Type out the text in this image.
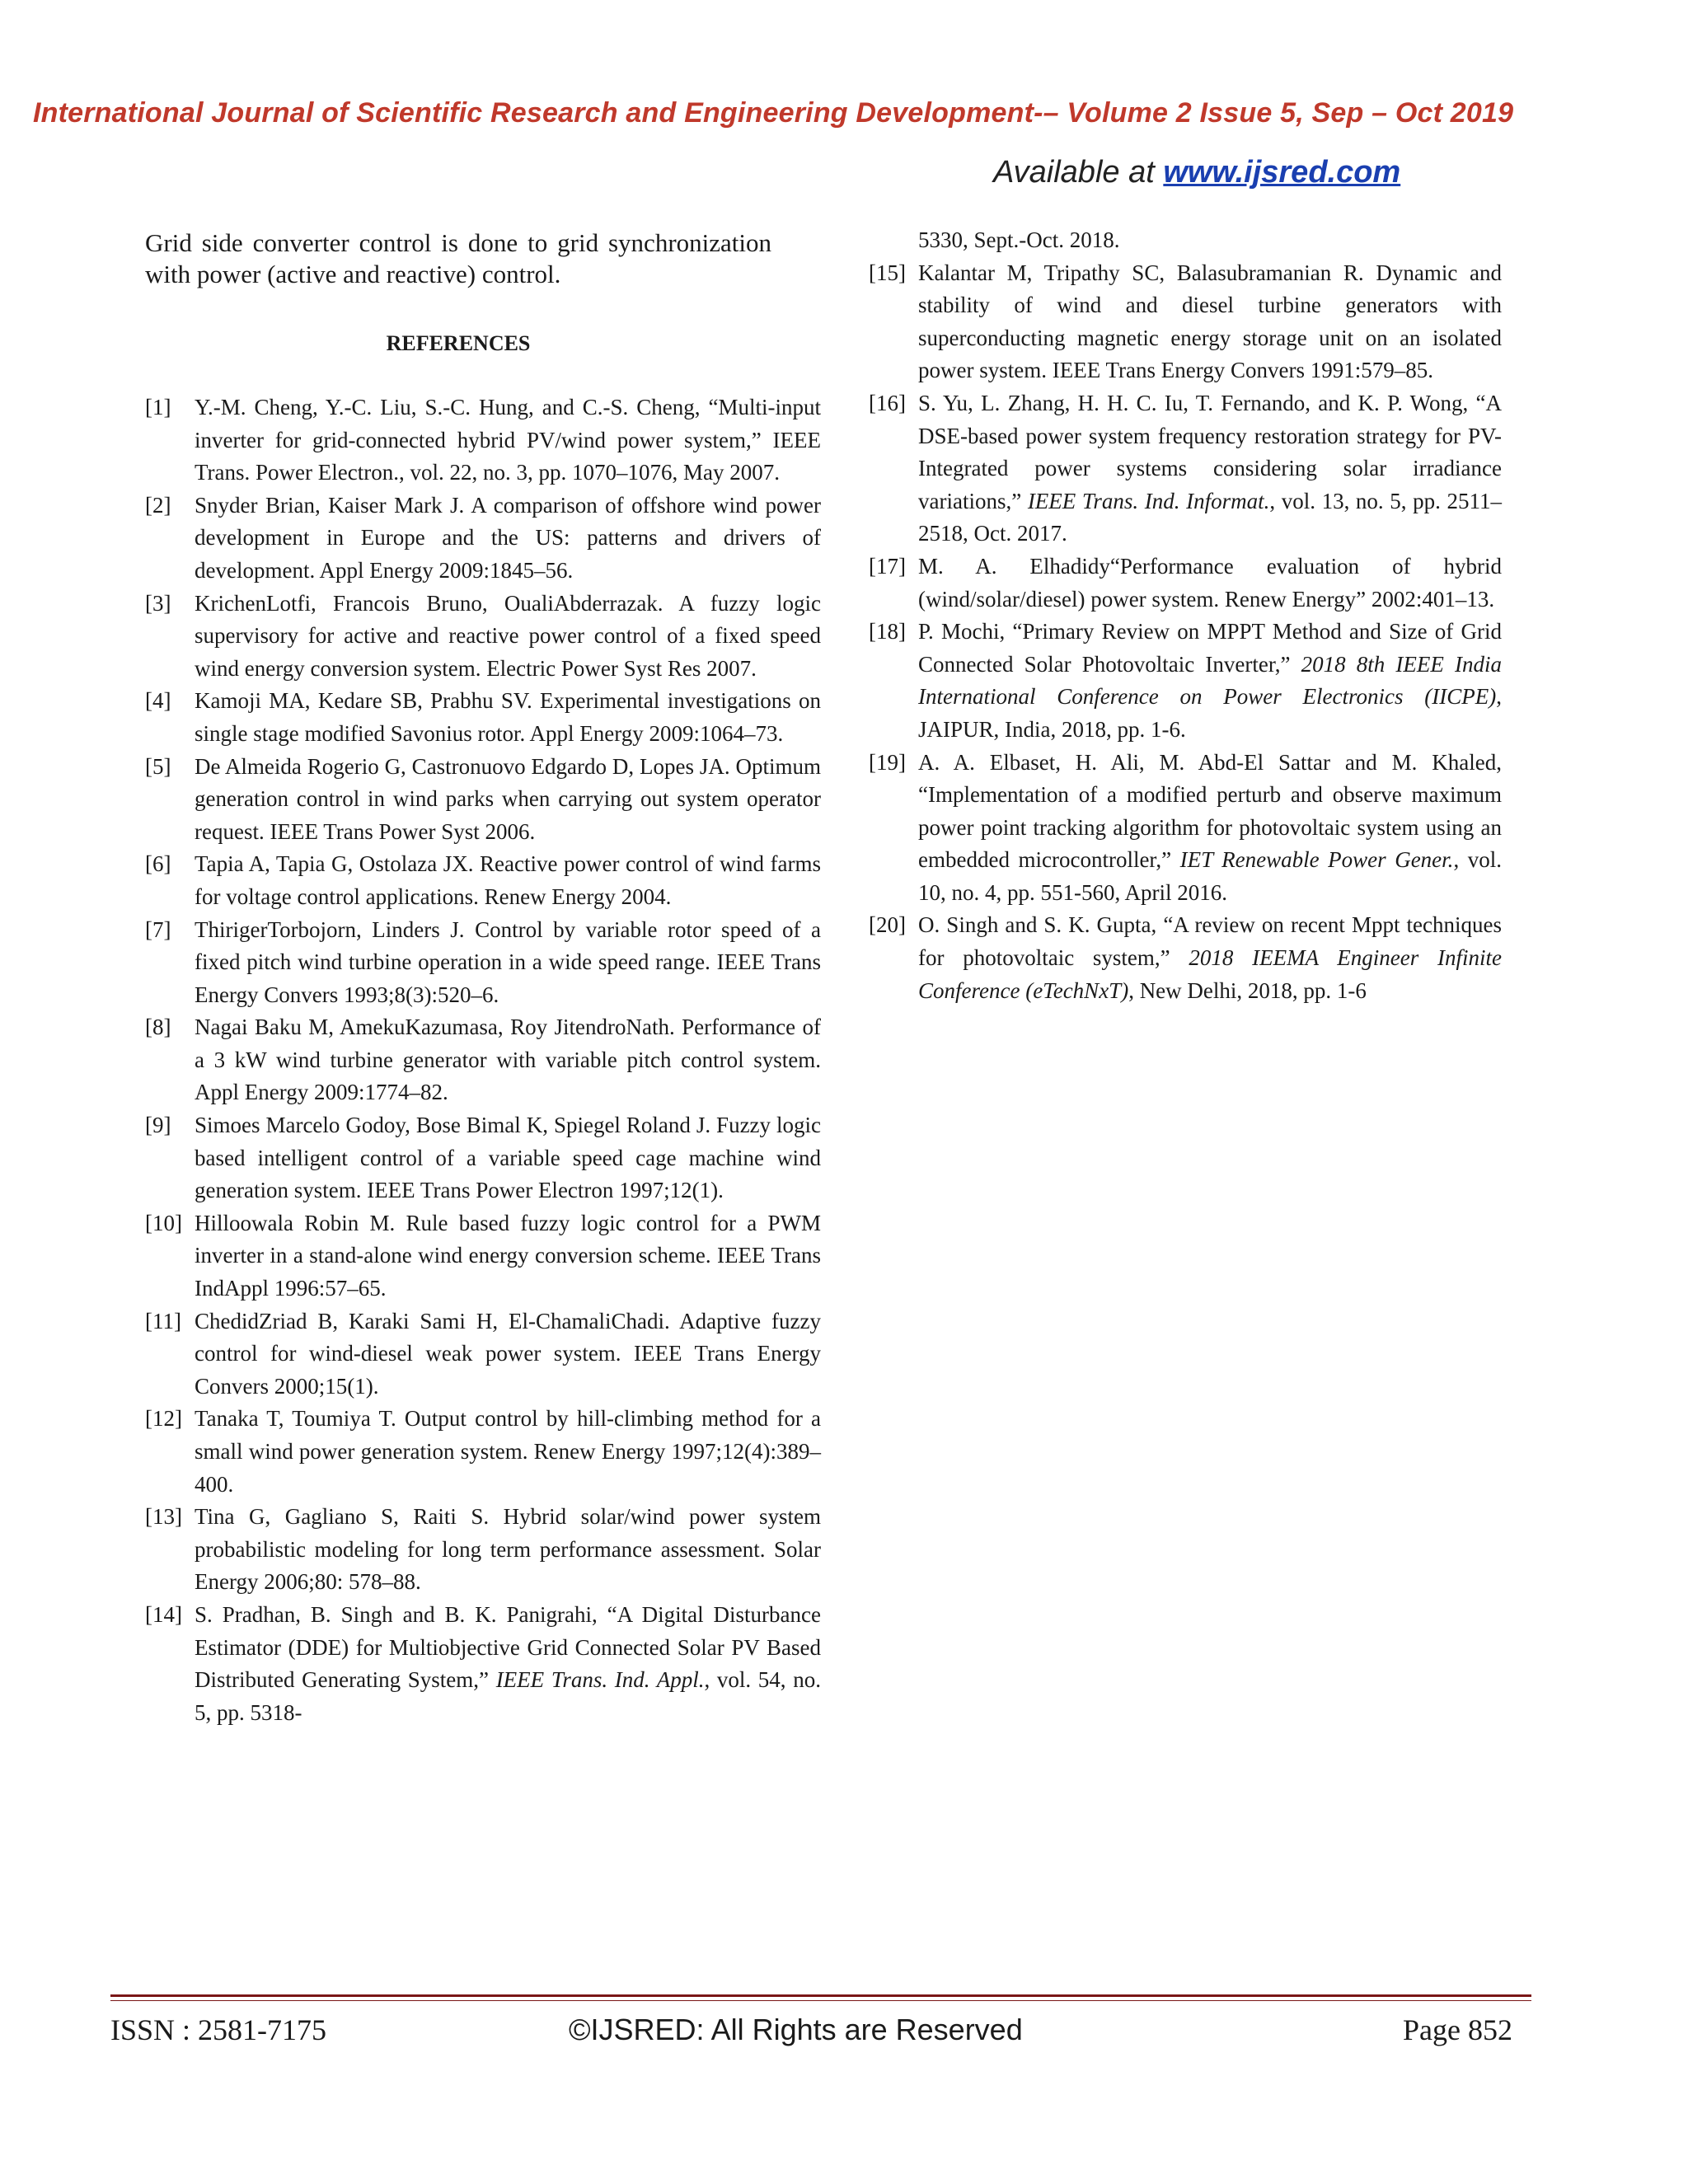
International Journal of Scientific Research and Engineering Development-– Volume 2 Issue 5, Sep – Oct 2019
Available at www.ijsred.com

Grid side converter control is done to grid synchronization with power (active and reactive) control.

REFERENCES
[1]	Y.-M. Cheng, Y.-C. Liu, S.-C. Hung, and C.-S. Cheng, “Multi-input inverter for grid-connected hybrid PV/wind power system,” IEEE Trans. Power Electron., vol. 22, no. 3, pp. 1070–1076, May 2007.
[2]	Snyder Brian, Kaiser Mark J. A comparison of offshore wind power development in Europe and the US: patterns and drivers of development. Appl Energy 2009:1845–56.
[3]	KrichenLotfi, Francois Bruno, OualiAbderrazak. A fuzzy logic supervisory for active and reactive power control of a fixed speed wind energy conversion system. Electric Power Syst Res 2007.
[4]	Kamoji MA, Kedare SB, Prabhu SV. Experimental investigations on single stage modified Savonius rotor. Appl Energy 2009:1064–73.
[5]	De Almeida Rogerio G, Castronuovo Edgardo D, Lopes JA. Optimum generation control in wind parks when carrying out system operator request. IEEE Trans Power Syst 2006.
[6]	Tapia A, Tapia G, Ostolaza JX. Reactive power control of wind farms for voltage control applications. Renew Energy 2004.
[7]	ThirigerTorbojorn, Linders J. Control by variable rotor speed of a fixed pitch wind turbine operation in a wide speed range. IEEE Trans Energy Convers 1993;8(3):520–6.
[8]	Nagai Baku M, AmekuKazumasa, Roy JitendroNath. Performance of a 3 kW wind turbine generator with variable pitch control system. Appl Energy 2009:1774–82.
[9]	Simoes Marcelo Godoy, Bose Bimal K, Spiegel Roland J. Fuzzy logic based intelligent control of a variable speed cage machine wind generation system. IEEE Trans Power Electron 1997;12(1).
[10] Hilloowala Robin M. Rule based fuzzy logic control for a PWM inverter in a stand-alone wind energy conversion scheme. IEEE Trans IndAppl 1996:57–65.
[11] ChedidZriad B, Karaki Sami H, El-ChamaliChadi. Adaptive fuzzy control for wind-diesel weak power system. IEEE Trans Energy Convers 2000;15(1).
[12] Tanaka T, Toumiya T. Output control by hill-climbing method for a small wind power generation system. Renew Energy 1997;12(4):389–400.
[13] Tina G, Gagliano S, Raiti S. Hybrid solar/wind power system probabilistic modeling for long term performance assessment. Solar Energy 2006;80: 578–88.
[14] S. Pradhan, B. Singh and B. K. Panigrahi, “A Digital Disturbance Estimator (DDE) for Multiobjective Grid Connected Solar PV Based Distributed Generating System,” IEEE Trans. Ind. Appl., vol. 54, no. 5, pp. 5318-
5330, Sept.-Oct. 2018.
[15] Kalantar M, Tripathy SC, Balasubramanian R. Dynamic and stability of wind and diesel turbine generators with superconducting magnetic energy storage unit on an isolated power system. IEEE Trans Energy Convers 1991:579–85.
[16] S. Yu, L. Zhang, H. H. C. Iu, T. Fernando, and K. P. Wong, “A DSE-based power system frequency restoration strategy for PV-Integrated power systems considering solar irradiance variations,” IEEE Trans. Ind. Informat., vol. 13, no. 5, pp. 2511–2518, Oct. 2017.
[17] M. A. Elhadidy“Performance evaluation of hybrid (wind/solar/diesel) power system. Renew Energy” 2002:401–13.
[18] P. Mochi, “Primary Review on MPPT Method and Size of Grid Connected Solar Photovoltaic Inverter,” 2018 8th IEEE India International Conference on Power Electronics (IICPE), JAIPUR, India, 2018, pp. 1-6.
[19] A. A. Elbaset, H. Ali, M. Abd-El Sattar and M. Khaled, “Implementation of a modified perturb and observe maximum power point tracking algorithm for photovoltaic system using an embedded microcontroller,” IET Renewable Power Gener., vol. 10, no. 4, pp. 551-560, April 2016.
[20] O. Singh and S. K. Gupta, “A review on recent Mppt techniques for photovoltaic system,” 2018 IEEMA Engineer Infinite Conference (eTechNxT), New Delhi, 2018, pp. 1-6
ISSN : 2581-7175	©IJSRED: All Rights are Reserved	Page 852
